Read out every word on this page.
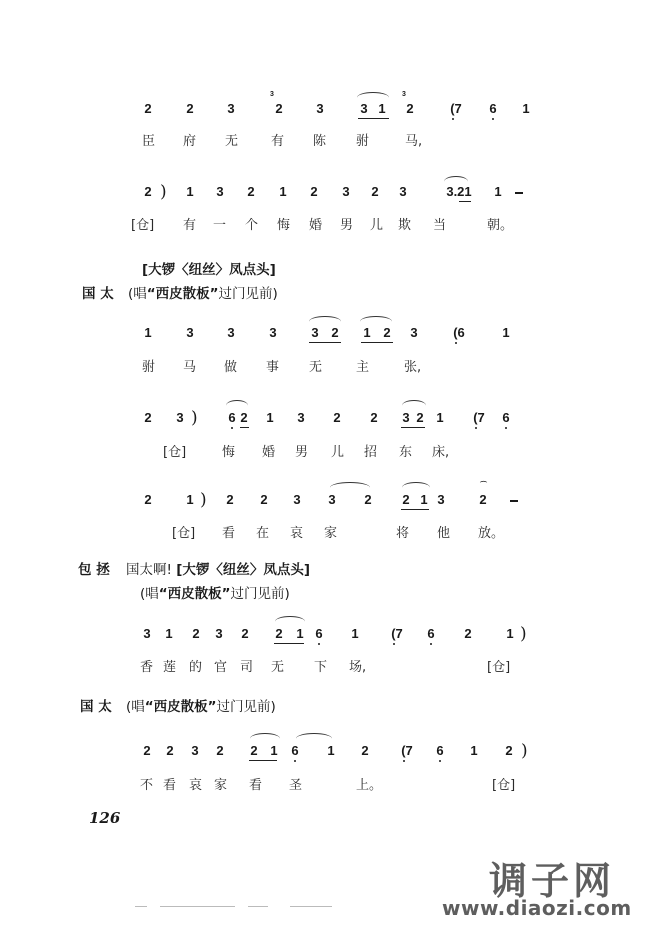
2	2	3
3
2	3	3 1
3
2	(7 6 1
臣 府 无	有 陈 驸	马,
2 ) 1 3 2 1 2 3 2 3	3.21 1
[仓] 有 一 个 悔 婚 男 儿 欺 当	朝。
[大锣〈纽丝〉凤点头]
国 太 (唱“西皮散板”过门见前)
1	3	3	3	3 2 1 2 3	(6	1
驸 马 做 事 无	主	张,
2 3 ) 6 2 1 3 2 2 3 2 1 (7 6
[仓]	悔 婚 男 儿 招 东 床,
2	1 ) 2 2 3 3 2 2 1 3
⌒
2
[仓] 看 在 哀 家	将 他 放。
包 拯 国太啊! [大锣〈纽丝〉凤点头]
(唱“西皮散板”过门见前)
3 1 2 3 2 2 1 6 1	(7 6 2	1 )
香 莲 的 官 司 无 下 场,	[仓]
国 太 (唱“西皮散板”过门见前)
2 2 3 2 2 1 6 1 2	(7 6 1 2 )
不 看 哀 家 看 圣	上。	[仓]
126
调子网
www.diaozi.com
